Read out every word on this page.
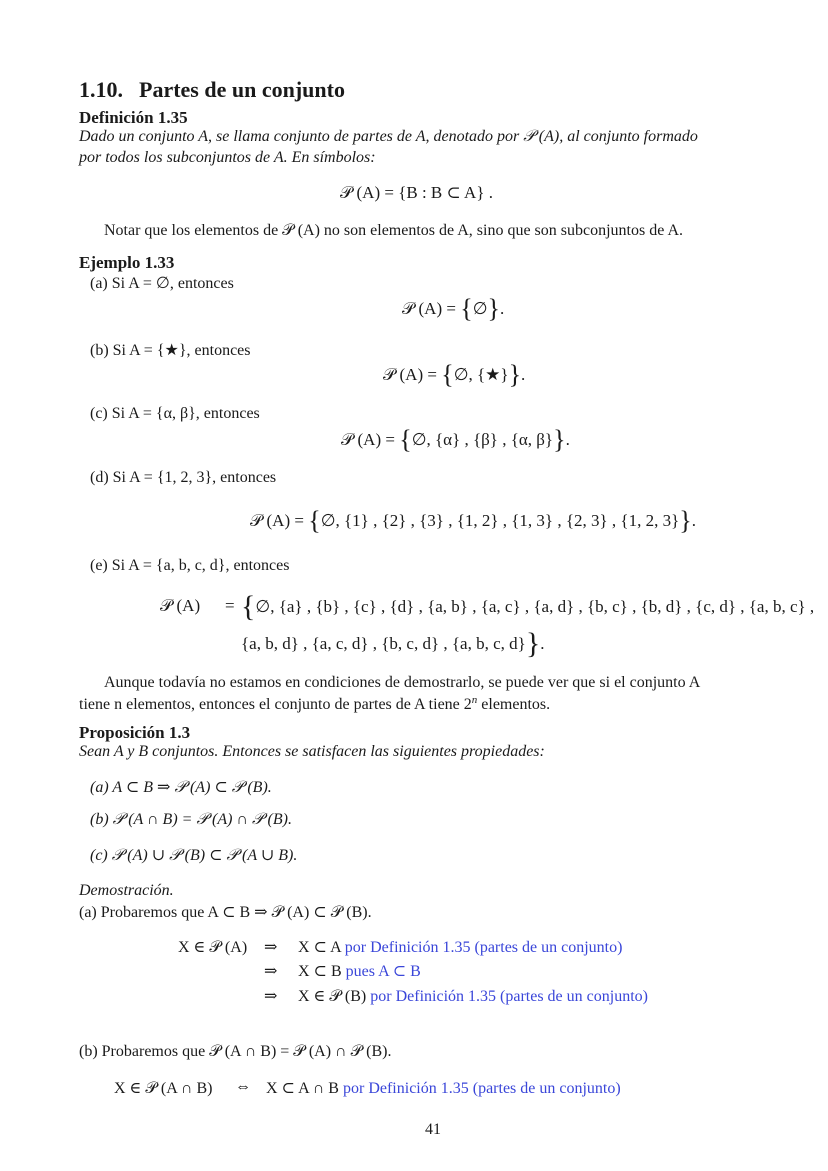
1.10. Partes de un conjunto
Definición 1.35
Dado un conjunto A, se llama conjunto de partes de A, denotado por 𝒫 (A), al conjunto formado
por todos los subconjuntos de A. En símbolos:
𝒫 (A) = {B : B ⊂ A} .
Notar que los elementos de 𝒫 (A) no son elementos de A, sino que son subconjuntos de A.
Ejemplo 1.33
(a) Si A = ∅, entonces
𝒫 (A) = {∅}.
(b) Si A = {★}, entonces
𝒫 (A) = {∅, {★}}.
(c) Si A = {α, β}, entonces
𝒫 (A) = {∅, {α} , {β} , {α, β}}.
(d) Si A = {1, 2, 3}, entonces
𝒫 (A) = {∅, {1} , {2} , {3} , {1, 2} , {1, 3} , {2, 3} , {1, 2, 3}}.
(e) Si A = {a, b, c, d}, entonces
𝒫 (A) = {∅, {a} , {b} , {c} , {d} , {a, b} , {a, c} , {a, d} , {b, c} , {b, d} , {c, d} , {a, b, c} ,
{a, b, d} , {a, c, d} , {b, c, d} , {a, b, c, d}}.
Aunque todavía no estamos en condiciones de demostrarlo, se puede ver que si el conjunto A
tiene n elementos, entonces el conjunto de partes de A tiene 2$^n$ elementos.
Proposición 1.3
Sean A y B conjuntos. Entonces se satisfacen las siguientes propiedades:
(a) A ⊂ B ⇒ 𝒫 (A) ⊂ 𝒫 (B).
(b) 𝒫 (A ∩ B) = 𝒫 (A) ∩ 𝒫 (B).
(c) 𝒫 (A) ∪ 𝒫 (B) ⊂ 𝒫 (A ∪ B).
Demostración.
(a) Probaremos que A ⊂ B ⇒ 𝒫 (A) ⊂ 𝒫 (B).
X ∈ 𝒫 (A) ⇒ X ⊂ A por Definición 1.35 (partes de un conjunto)
⇒ X ⊂ B pues A ⊂ B
⇒ X ∈ 𝒫 (B) por Definición 1.35 (partes de un conjunto)
(b) Probaremos que 𝒫 (A ∩ B) = 𝒫 (A) ∩ 𝒫 (B).
X ∈ 𝒫 (A ∩ B) ⇔ X ⊂ A ∩ B por Definición 1.35 (partes de un conjunto)
41
